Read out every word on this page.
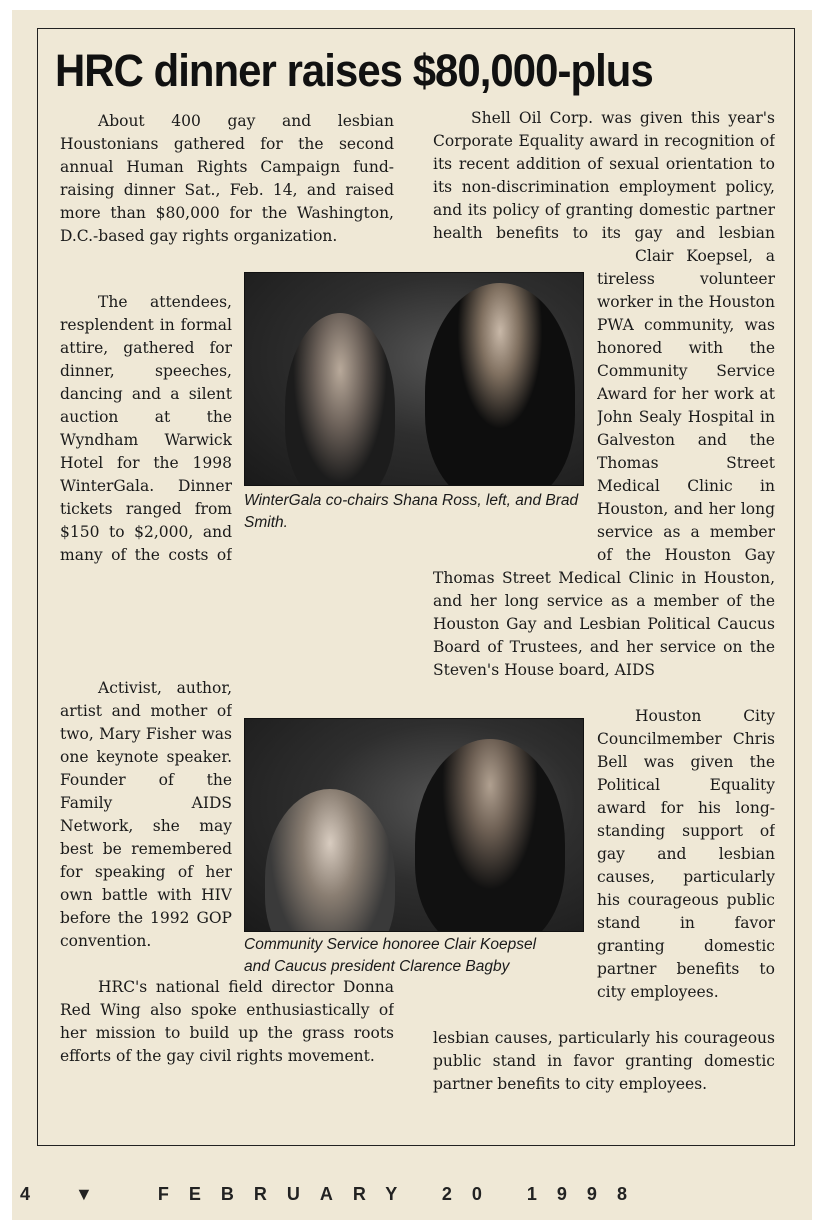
HRC dinner raises $80,000-plus

About 400 gay and lesbian Houstonians gathered for the second annual Human Rights Campaign fund-raising dinner Sat., Feb. 14, and raised more than $80,000 for the Washington, D.C.-based gay rights organization.

The attendees, resplendent in formal attire, gathered for dinner, speeches, dancing and a silent auction at the Wyndham Warwick Hotel for the 1998 WinterGala. Dinner tickets ranged from $150 to $2,000, and many of the costs of

Activist, author, artist and mother of two, Mary Fisher was one keynote speaker. Founder of the Family AIDS Network, she may best be remembered for speaking of her own battle with HIV before the 1992 GOP convention.

HRC's national field director Donna Red Wing also spoke enthusiastically of her mission to build up the grass roots efforts of the gay civil rights movement.

Shell Oil Corp. was given this year's Corporate Equality award in recognition of its recent addition of sexual orientation to its non-discrimination employment policy, and its policy of granting domestic partner health benefits to its gay and lesbian

Clair Koepsel, a tireless volunteer worker in the Houston PWA community, was honored with the Community Service Award for her work at John Sealy Hospital in Galveston and the Thomas Street Medical Clinic in Houston, and her long service as a member of the Houston Gay

Thomas Street Medical Clinic in Houston, and her long service as a member of the Houston Gay and Lesbian Political Caucus Board of Trustees, and her service on the Steven's House board, AIDS

Houston City Councilmember Chris Bell was given the Political Equality award for his long-standing support of gay and lesbian causes, particularly his courageous public stand in favor granting domestic partner benefits to city employees.

lesbian causes, particularly his courageous public stand in favor granting domestic partner benefits to city employees.

WinterGala co-chairs Shana Ross, left, and Brad Smith.
Community Service honoree Clair Koepsel and Caucus president Clarence Bagby
4 ▼	FEBRUARY 20 1998
